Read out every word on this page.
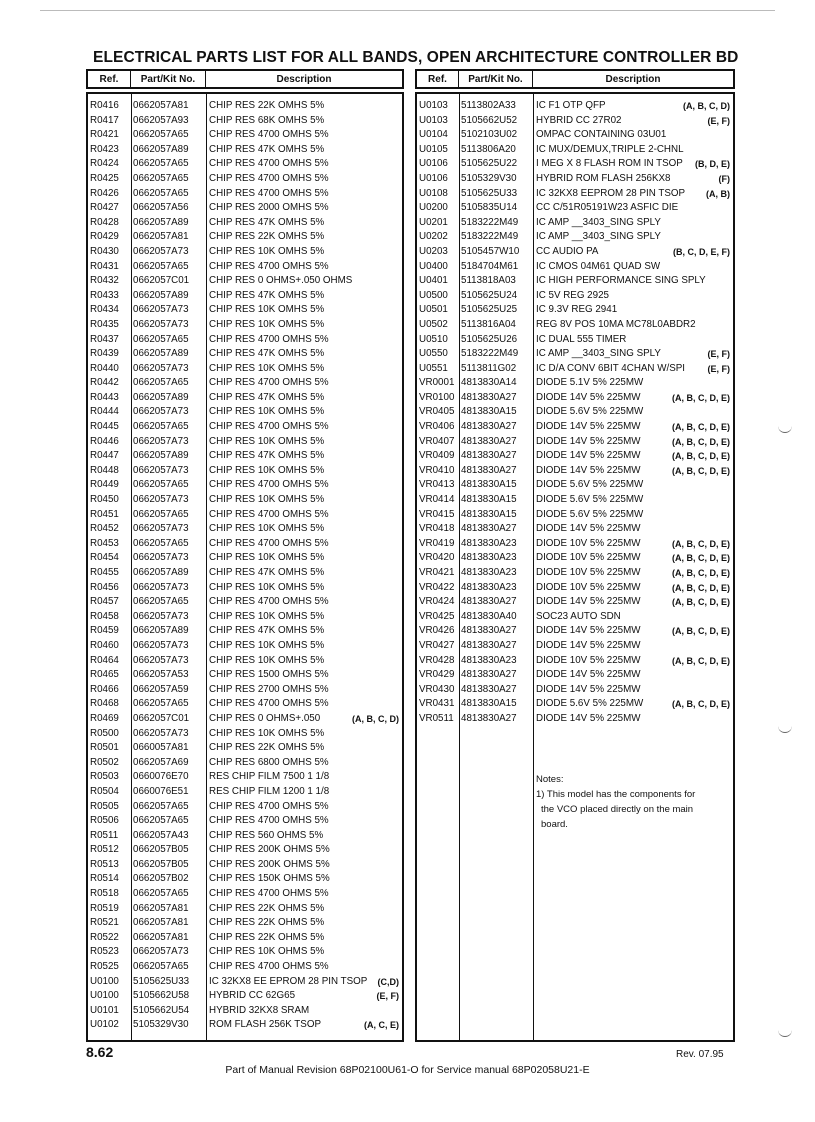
ELECTRICAL PARTS LIST FOR ALL BANDS, OPEN ARCHITECTURE CONTROLLER BD
Ref.	Part/Kit No.	Description	Ref.	Part/Kit No.	Description
R0416 0662057A81 CHIP RES 22K OMHS 5%
R0417 0662057A93 CHIP RES 68K OMHS 5%
R0421 0662057A65 CHIP RES 4700 OMHS 5%
R0423 0662057A89 CHIP RES 47K OMHS 5%
R0424 0662057A65 CHIP RES 4700 OMHS 5%
R0425 0662057A65 CHIP RES 4700 OMHS 5%
R0426 0662057A65 CHIP RES 4700 OMHS 5%
R0427 0662057A56 CHIP RES 2000 OMHS 5%
R0428 0662057A89 CHIP RES 47K OMHS 5%
R0429 0662057A81 CHIP RES 22K OMHS 5%
R0430 0662057A73 CHIP RES 10K OMHS 5%
R0431 0662057A65 CHIP RES 4700 OMHS 5%
R0432 0662057C01 CHIP RES 0 OHMS+.050 OHMS
R0433 0662057A89 CHIP RES 47K OMHS 5%
R0434 0662057A73 CHIP RES 10K OMHS 5%
R0435 0662057A73 CHIP RES 10K OMHS 5%
R0437 0662057A65 CHIP RES 4700 OMHS 5%
R0439 0662057A89 CHIP RES 47K OMHS 5%
R0440 0662057A73 CHIP RES 10K OMHS 5%
R0442 0662057A65 CHIP RES 4700 OMHS 5%
R0443 0662057A89 CHIP RES 47K OMHS 5%
R0444 0662057A73 CHIP RES 10K OMHS 5%
R0445 0662057A65 CHIP RES 4700 OMHS 5%
R0446 0662057A73 CHIP RES 10K OMHS 5%
R0447 0662057A89 CHIP RES 47K OMHS 5%
R0448 0662057A73 CHIP RES 10K OMHS 5%
R0449 0662057A65 CHIP RES 4700 OMHS 5%
R0450 0662057A73 CHIP RES 10K OMHS 5%
R0451 0662057A65 CHIP RES 4700 OMHS 5%
R0452 0662057A73 CHIP RES 10K OMHS 5%
R0453 0662057A65 CHIP RES 4700 OMHS 5%
R0454 0662057A73 CHIP RES 10K OMHS 5%
R0455 0662057A89 CHIP RES 47K OMHS 5%
R0456 0662057A73 CHIP RES 10K OMHS 5%
R0457 0662057A65 CHIP RES 4700 OMHS 5%
R0458 0662057A73 CHIP RES 10K OMHS 5%
R0459 0662057A89 CHIP RES 47K OMHS 5%
R0460 0662057A73 CHIP RES 10K OMHS 5%
R0464 0662057A73 CHIP RES 10K OMHS 5%
R0465 0662057A53 CHIP RES 1500 OMHS 5%
R0466 0662057A59 CHIP RES 2700 OMHS 5%
R0468 0662057A65 CHIP RES 4700 OMHS 5%
R0469 0662057C01 CHIP RES 0 OHMS+.050	(A, B, C, D)
R0500 0662057A73 CHIP RES 10K OMHS 5%
R0501 0660057A81 CHIP RES 22K OMHS 5%
R0502 0662057A69 CHIP RES 6800 OMHS 5%
R0503 0660076E70 RES CHIP FILM 7500 1 1/8
R0504 0660076E51 RES CHIP FILM 1200 1 1/8
R0505 0662057A65 CHIP RES 4700 OMHS 5%
R0506 0662057A65 CHIP RES 4700 OMHS 5%
R0511 0662057A43 CHIP RES 560 OHMS 5%
R0512 0662057B05 CHIP RES 200K OHMS 5%
R0513 0662057B05 CHIP RES 200K OHMS 5%
R0514 0662057B02 CHIP RES 150K OHMS 5%
R0518 0662057A65 CHIP RES 4700 OHMS 5%
R0519 0662057A81 CHIP RES 22K OHMS 5%
R0521 0662057A81 CHIP RES 22K OHMS 5%
R0522 0662057A81 CHIP RES 22K OHMS 5%
R0523 0662057A73 CHIP RES 10K OHMS 5%
R0525 0662057A65 CHIP RES 4700 OHMS 5%
U0100 5105625U33 IC 32KX8 EE EPROM 28 PIN TSOP (C,D)
U0100 5105662U58 HYBRID CC 62G65	(E, F)
U0101 5105662U54 HYBRID 32KX8 SRAM
U0102 5105329V30 ROM FLASH 256K TSOP	(A, C, E)
U0103 5113802A33 IC F1 OTP QFP	(A, B, C, D)
U0103 5105662U52 HYBRID CC 27R02	(E, F)
U0104 5102103U02 OMPAC CONTAINING 03U01
U0105 5113806A20 IC MUX/DEMUX,TRIPLE 2-CHNL
U0106 5105625U22 I MEG X 8 FLASH ROM IN TSOP (B, D, E)
U0106 5105329V30 HYBRID ROM FLASH 256KX8	(F)
U0108 5105625U33 IC 32KX8 EEPROM 28 PIN TSOP (A, B)
U0200 5105835U14 CC C/51R05191W23 ASFIC DIE
U0201 5183222M49 IC AMP __3403_SING SPLY
U0202 5183222M49 IC AMP __3403_SING SPLY
U0203 5105457W10 CC AUDIO PA	(B, C, D, E, F)
U0400 5184704M61 IC CMOS 04M61 QUAD SW
U0401 5113818A03 IC HIGH PERFORMANCE SING SPLY
U0500 5105625U24 IC 5V REG 2925
U0501 5105625U25 IC 9.3V REG 2941
U0502 5113816A04 REG 8V POS 10MA MC78L0ABDR2
U0510 5105625U26 IC DUAL 555 TIMER
U0550 5183222M49 IC AMP __3403_SING SPLY	(E, F)
U0551 5113811G02 IC D/A CONV 6BIT 4CHAN W/SPI	(E, F)
VR0001 4813830A14 DIODE 5.1V 5% 225MW
VR0100 4813830A27 DIODE 14V 5% 225MW	(A, B, C, D, E)
VR0405 4813830A15 DIODE 5.6V 5% 225MW
VR0406 4813830A27 DIODE 14V 5% 225MW	(A, B, C, D, E)
VR0407 4813830A27 DIODE 14V 5% 225MW	(A, B, C, D, E)
VR0409 4813830A27 DIODE 14V 5% 225MW	(A, B, C, D, E)
VR0410 4813830A27 DIODE 14V 5% 225MW	(A, B, C, D, E)
VR0413 4813830A15 DIODE 5.6V 5% 225MW
VR0414 4813830A15 DIODE 5.6V 5% 225MW
VR0415 4813830A15 DIODE 5.6V 5% 225MW
VR0418 4813830A27 DIODE 14V 5% 225MW
VR0419 4813830A23 DIODE 10V 5% 225MW	(A, B, C, D, E)
VR0420 4813830A23 DIODE 10V 5% 225MW	(A, B, C, D, E)
VR0421 4813830A23 DIODE 10V 5% 225MW	(A, B, C, D, E)
VR0422 4813830A23 DIODE 10V 5% 225MW	(A, B, C, D, E)
VR0424 4813830A27 DIODE 14V 5% 225MW	(A, B, C, D, E)
VR0425 4813830A40 SOC23 AUTO SDN
VR0426 4813830A27 DIODE 14V 5% 225MW	(A, B, C, D, E)
VR0427 4813830A27 DIODE 14V 5% 225MW
VR0428 4813830A23 DIODE 10V 5% 225MW	(A, B, C, D, E)
VR0429 4813830A27 DIODE 14V 5% 225MW
VR0430 4813830A27 DIODE 14V 5% 225MW
VR0431 4813830A15 DIODE 5.6V 5% 225MW	(A, B, C, D, E)
VR0511 4813830A27 DIODE 14V 5% 225MW
Notes:
1) This model has the components for
the VCO placed directly on the main
board.
8.62	Rev. 07.95
Part of Manual Revision 68P02100U61-O for Service manual 68P02058U21-E
